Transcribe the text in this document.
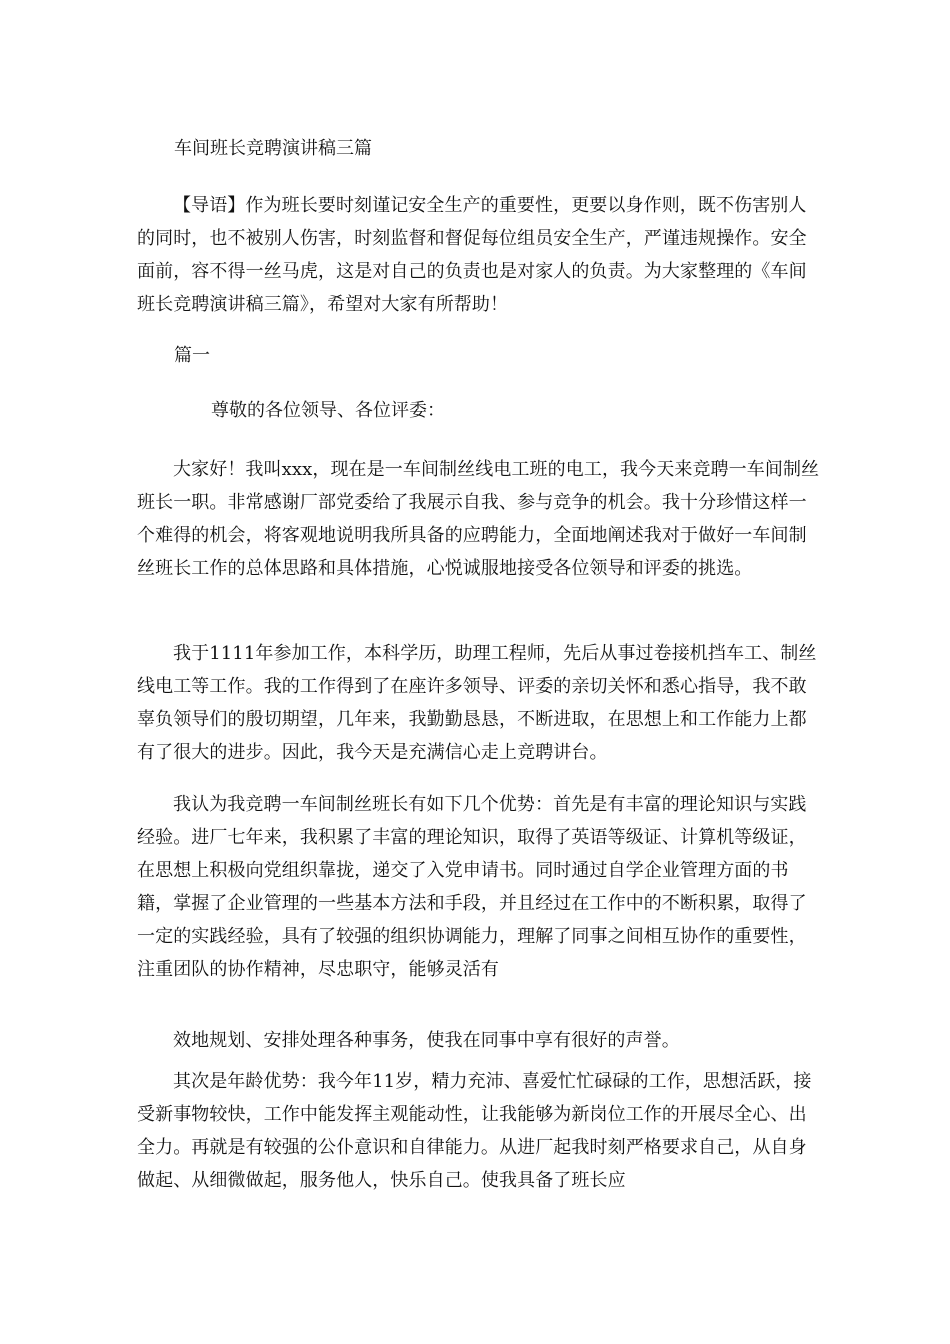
车间班长竞聘演讲稿三篇

【导语】作为班长要时刻谨记安全生产的重要性，更要以身作则，既不伤害别人的同时，也不被别人伤害，时刻监督和督促每位组员安全生产，严谨违规操作。安全面前，容不得一丝马虎，这是对自己的负责也是对家人的负责。为大家整理的《车间班长竞聘演讲稿三篇》，希望对大家有所帮助！

篇一
尊敬的各位领导、各位评委：

大家好！我叫xxx，现在是一车间制丝线电工班的电工，我今天来竞聘一车间制丝班长一职。非常感谢厂部党委给了我展示自我、参与竞争的机会。我十分珍惜这样一个难得的机会，将客观地说明我所具备的应聘能力，全面地阐述我对于做好一车间制丝班长工作的总体思路和具体措施，心悦诚服地接受各位领导和评委的挑选。

我于1111年参加工作，本科学历，助理工程师，先后从事过卷接机挡车工、制丝线电工等工作。我的工作得到了在座许多领导、评委的亲切关怀和悉心指导，我不敢辜负领导们的殷切期望，几年来，我勤勤恳恳，不断进取，在思想上和工作能力上都有了很大的进步。因此，我今天是充满信心走上竞聘讲台。

我认为我竞聘一车间制丝班长有如下几个优势：首先是有丰富的理论知识与实践经验。进厂七年来，我积累了丰富的理论知识，取得了英语等级证、计算机等级证，在思想上积极向党组织靠拢，递交了入党申请书。同时通过自学企业管理方面的书籍，掌握了企业管理的一些基本方法和手段，并且经过在工作中的不断积累，取得了一定的实践经验，具有了较强的组织协调能力，理解了同事之间相互协作的重要性，注重团队的协作精神，尽忠职守，能够灵活有

效地规划、安排处理各种事务，使我在同事中享有很好的声誉。

其次是年龄优势：我今年11岁，精力充沛、喜爱忙忙碌碌的工作，思想活跃，接受新事物较快，工作中能发挥主观能动性，让我能够为新岗位工作的开展尽全心、出全力。再就是有较强的公仆意识和自律能力。从进厂起我时刻严格要求自己，从自身做起、从细微做起，服务他人，快乐自己。使我具备了班长应
